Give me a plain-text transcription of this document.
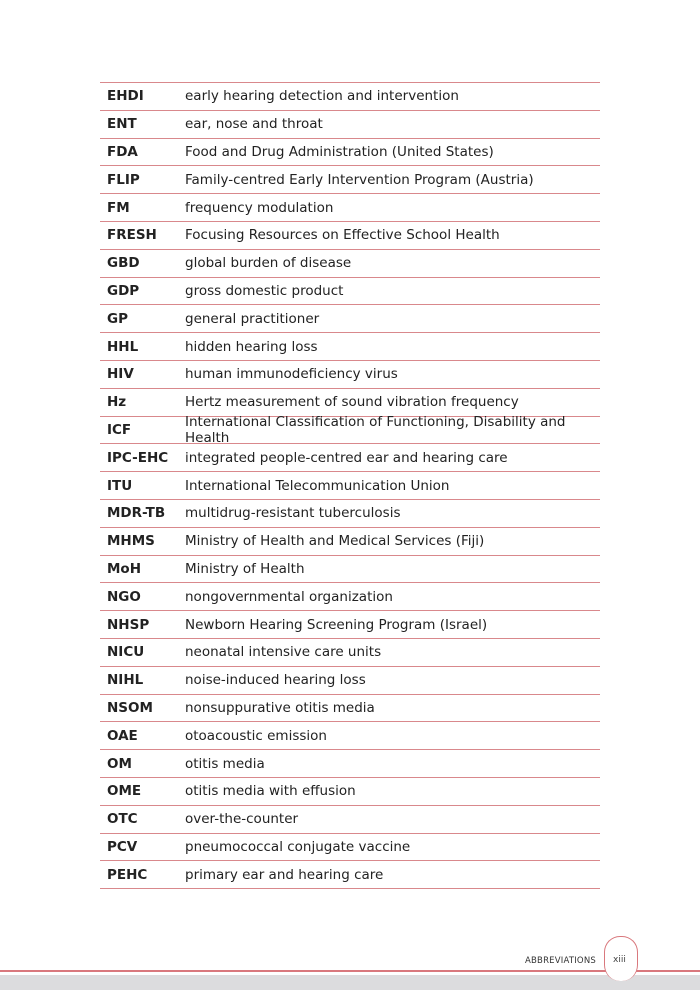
EHDI	early hearing detection and intervention
ENT	ear, nose and throat
FDA	Food and Drug Administration (United States)
FLIP	Family-centred Early Intervention Program (Austria)
FM	frequency modulation
FRESH	Focusing Resources on Effective School Health
GBD	global burden of disease
GDP	gross domestic product
GP	general practitioner
HHL	hidden hearing loss
HIV	human immunodeficiency virus
Hz	Hertz measurement of sound vibration frequency
ICF	International Classification of Functioning, Disability and Health
IPC-EHC	integrated people-centred ear and hearing care
ITU	International Telecommunication Union
MDR-TB	multidrug-resistant tuberculosis
MHMS	Ministry of Health and Medical Services (Fiji)
MoH	Ministry of Health
NGO	nongovernmental organization
NHSP	Newborn Hearing Screening Program (Israel)
NICU	neonatal intensive care units
NIHL	noise-induced hearing loss
NSOM	nonsuppurative otitis media
OAE	otoacoustic emission
OM	otitis media
OME	otitis media with effusion
OTC	over-the-counter
PCV	pneumococcal conjugate vaccine
PEHC	primary ear and hearing care
ABBREVIATIONS xiii
